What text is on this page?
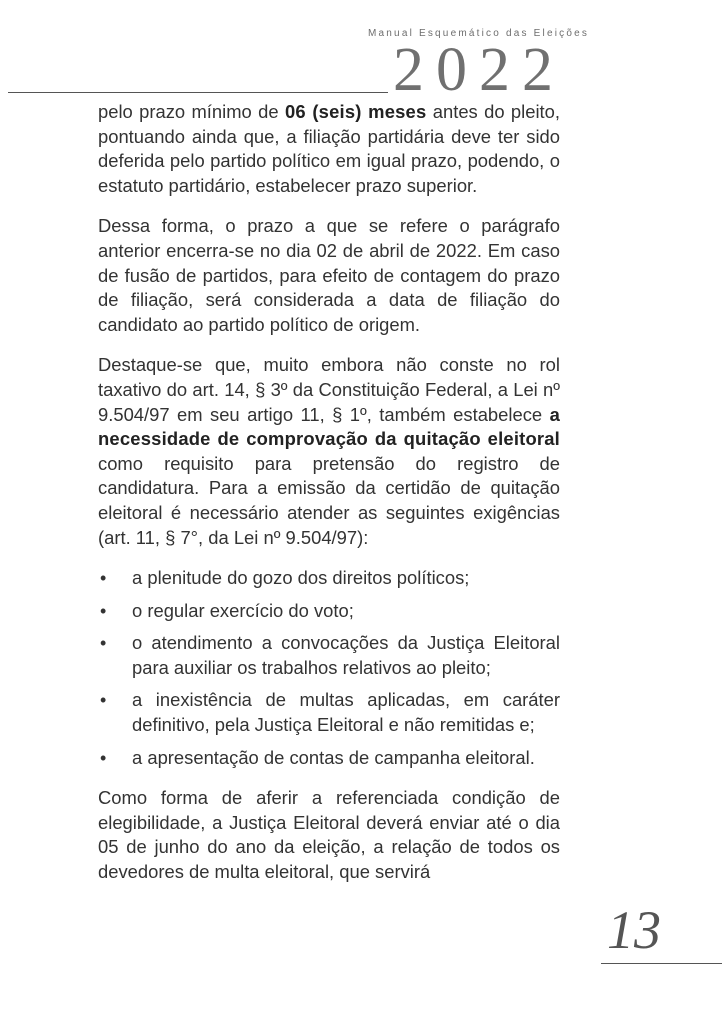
Manual Esquemático das Eleições
2022

pelo prazo mínimo de 06 (seis) meses antes do pleito, pontuando ainda que, a filiação partidária deve ter sido deferida pelo partido político em igual prazo, podendo, o estatuto partidário, estabelecer prazo superior.

Dessa forma, o prazo a que se refere o parágrafo anterior encerra-se no dia 02 de abril de 2022. Em caso de fusão de partidos, para efeito de contagem do prazo de filiação, será considerada a data de filiação do candidato ao partido político de origem.

Destaque-se que, muito embora não conste no rol taxativo do art. 14, § 3º da Constituição Federal, a Lei nº 9.504/97 em seu artigo 11, § 1º, também estabelece a necessidade de comprovação da quitação eleitoral como requisito para pretensão do registro de candidatura. Para a emissão da certidão de quitação eleitoral é necessário atender as seguintes exigências (art. 11, § 7°, da Lei nº 9.504/97):

• a plenitude do gozo dos direitos políticos;
• o regular exercício do voto;
• o atendimento a convocações da Justiça Eleitoral para auxiliar os trabalhos relativos ao pleito;
• a inexistência de multas aplicadas, em caráter definitivo, pela Justiça Eleitoral e não remitidas e;
• a apresentação de contas de campanha eleitoral.

Como forma de aferir a referenciada condição de elegibilidade, a Justiça Eleitoral deverá enviar até o dia 05 de junho do ano da eleição, a relação de todos os devedores de multa eleitoral, que servirá

13
